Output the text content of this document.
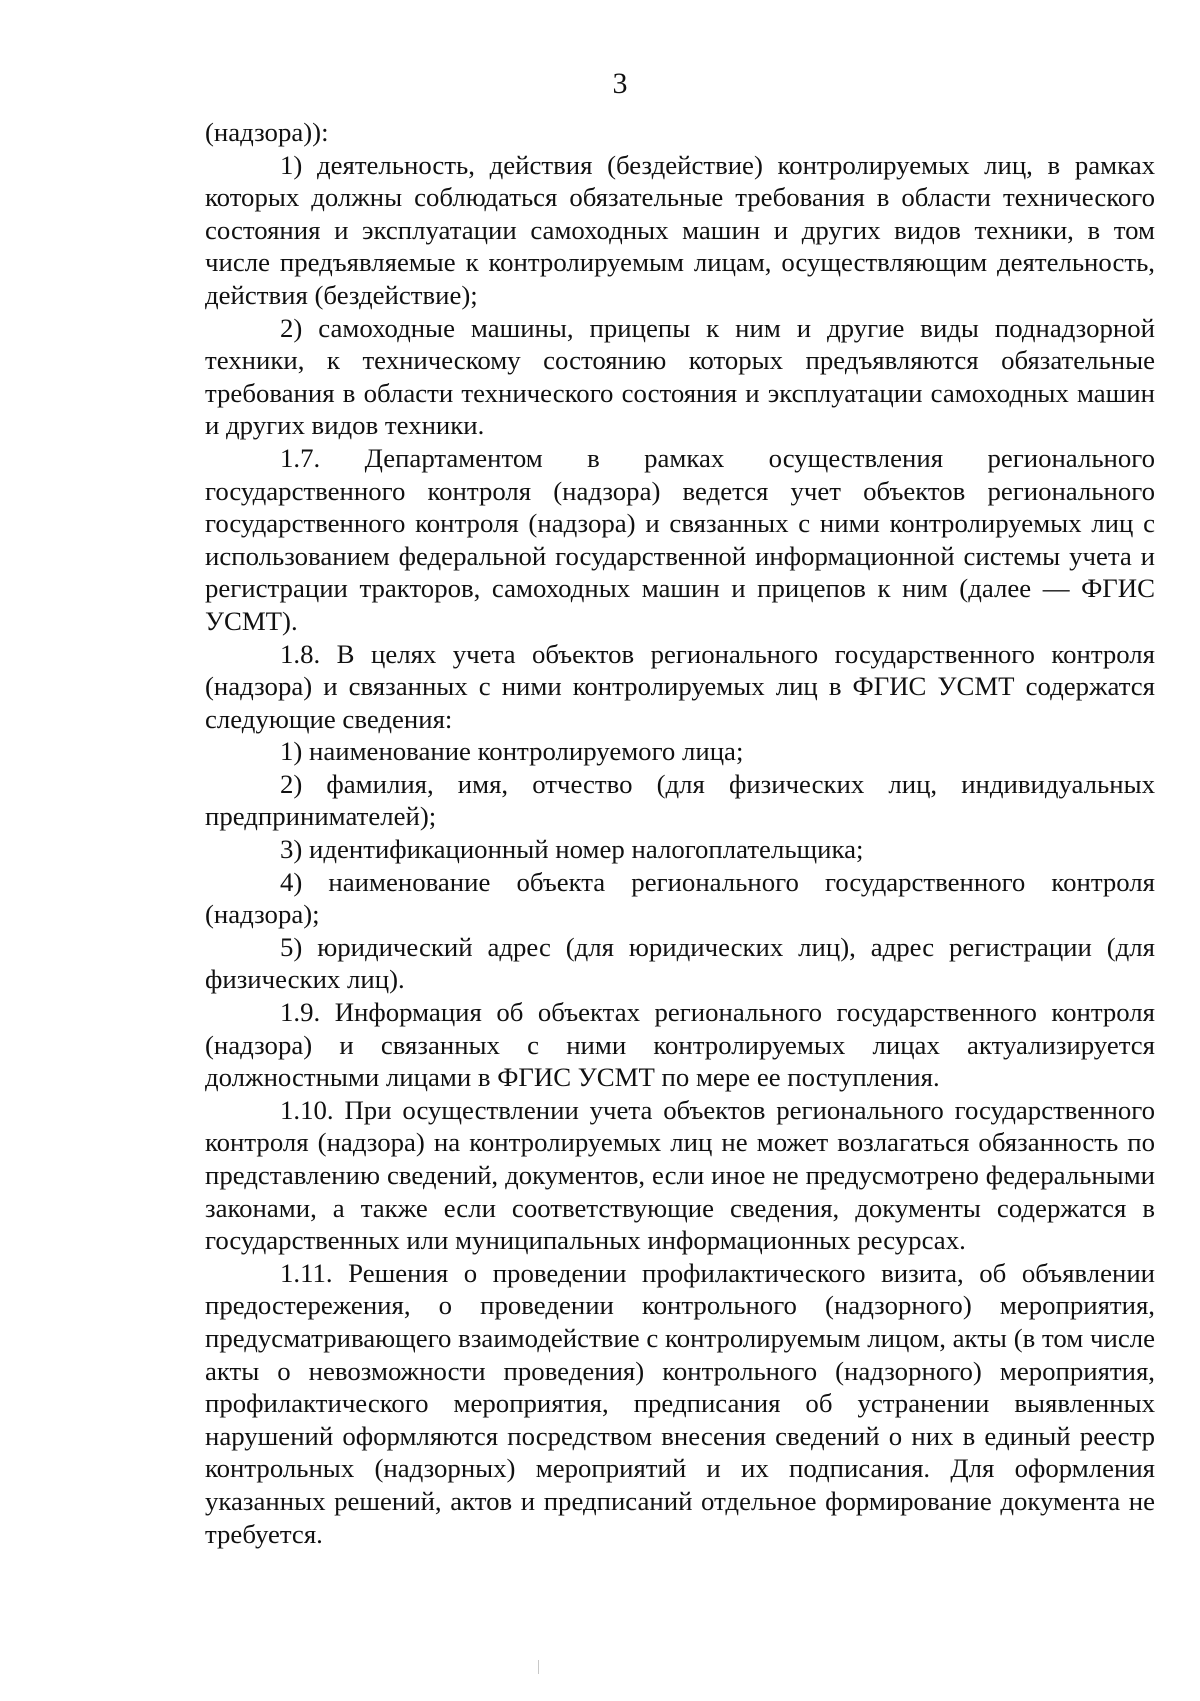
3

(надзора)):

1) деятельность, действия (бездействие) контролируемых лиц, в рамках которых должны соблюдаться обязательные требования в области технического состояния и эксплуатации самоходных машин и других видов техники, в том числе предъявляемые к контролируемым лицам, осуществляющим деятельность, действия (бездействие);

2) самоходные машины, прицепы к ним и другие виды поднадзорной техники, к техническому состоянию которых предъявляются обязательные требования в области технического состояния и эксплуатации самоходных машин и других видов техники.

1.7. Департаментом в рамках осуществления регионального государственного контроля (надзора) ведется учет объектов регионального государственного контроля (надзора) и связанных с ними контролируемых лиц с использованием федеральной государственной информационной системы учета и регистрации тракторов, самоходных машин и прицепов к ним (далее — ФГИС УСМТ).

1.8. В целях учета объектов регионального государственного контроля (надзора) и связанных с ними контролируемых лиц в ФГИС УСМТ содержатся следующие сведения:

1) наименование контролируемого лица;

2) фамилия, имя, отчество (для физических лиц, индивидуальных предпринимателей);

3) идентификационный номер налогоплательщика;

4) наименование объекта регионального государственного контроля (надзора);

5) юридический адрес (для юридических лиц), адрес регистрации (для физических лиц).

1.9. Информация об объектах регионального государственного контроля (надзора) и связанных с ними контролируемых лицах актуализируется должностными лицами в ФГИС УСМТ по мере ее поступления.

1.10. При осуществлении учета объектов регионального государственного контроля (надзора) на контролируемых лиц не может возлагаться обязанность по представлению сведений, документов, если иное не предусмотрено федеральными законами, а также если соответствующие сведения, документы содержатся в государственных или муниципальных информационных ресурсах.

1.11. Решения о проведении профилактического визита, об объявлении предостережения, о проведении контрольного (надзорного) мероприятия, предусматривающего взаимодействие с контролируемым лицом, акты (в том числе акты о невозможности проведения) контрольного (надзорного) мероприятия, профилактического мероприятия, предписания об устранении выявленных нарушений оформляются посредством внесения сведений о них в единый реестр контрольных (надзорных) мероприятий и их подписания. Для оформления указанных решений, актов и предписаний отдельное формирование документа не требуется.
